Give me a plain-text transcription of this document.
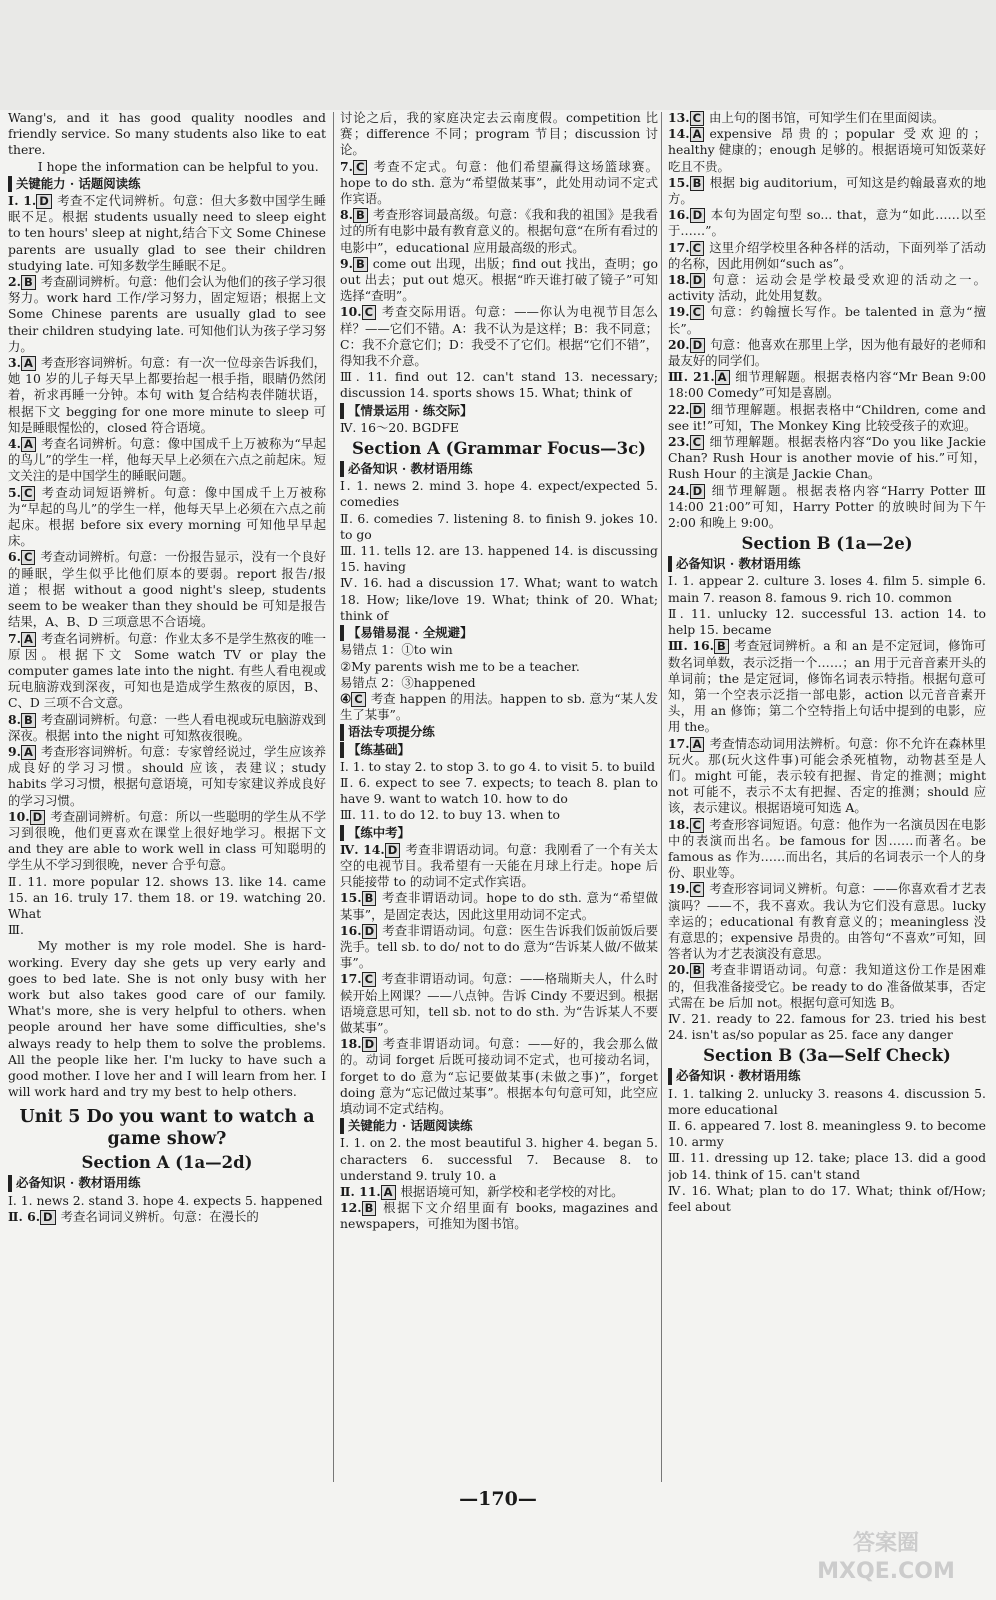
Wang's, and it has good quality noodles and friendly service. So many students also like to eat there.

I hope the information can be helpful to you.

关键能力 · 话题阅读练

Ⅰ. 1. D 考查不定代词辨析。句意：但大多数中国学生睡眠不足。根据 students usually need to sleep eight to ten hours' sleep at night,结合下文 Some Chinese parents are usually glad to see their children studying late. 可知多数学生睡眠不足。

2. B 考查副词辨析。句意：他们会认为他们的孩子学习很努力。work hard 工作/学习努力，固定短语；根据上文 Some Chinese parents are usually glad to see their children studying late. 可知他们认为孩子学习努力。

3. A 考查形容词辨析。句意：有一次一位母亲告诉我们，她 10 岁的儿子每天早上都要抬起一根手指，眼睛仍然闭着，祈求再睡一分钟。本句 with 复合结构表伴随状语，根据下文 begging for one more minute to sleep 可知是睡眼惺忪的，closed 符合语境。

4. A 考查名词辨析。句意：像中国成千上万被称为“早起的鸟儿”的学生一样，他每天早上必须在六点之前起床。短文关注的是中国学生的睡眠问题。

5. C 考查动词短语辨析。句意：像中国成千上万被称为“早起的鸟儿”的学生一样，他每天早上必须在六点之前起床。根据 before six every morning 可知他早早起床。

6. C 考查动词辨析。句意：一份报告显示，没有一个良好的睡眠，学生似乎比他们原本的要弱。report 报告/报道；根据 without a good night's sleep, students seem to be weaker than they should be 可知是报告结果，A、B、D 三项意思不合语境。

7. A 考查名词辨析。句意：作业太多不是学生熬夜的唯一原因。根据下文 Some watch TV or play the computer games late into the night. 有些人看电视或玩电脑游戏到深夜，可知也是造成学生熬夜的原因，B、C、D 三项不合文意。

8. B 考查副词辨析。句意：一些人看电视或玩电脑游戏到深夜。根据 into the night 可知熬夜很晚。

9. A 考查形容词辨析。句意：专家曾经说过，学生应该养成良好的学习习惯。should 应该，表建议；study habits 学习习惯，根据句意语境，可知专家建议养成良好的学习习惯。

10. D 考查副词辨析。句意：所以一些聪明的学生从不学习到很晚，他们更喜欢在课堂上很好地学习。根据下文 and they are able to work well in class 可知聪明的学生从不学习到很晚，never 合乎句意。

Ⅱ. 11. more popular 12. shows 13. like 14. came 15. an 16. truly 17. them 18. or 19. watching 20. What

Ⅲ.

My mother is my role model. She is hard-working. Every day she gets up very early and goes to bed late. She is not only busy with her work but also takes good care of our family. What's more, she is very helpful to others. when people around her have some difficulties, she's always ready to help them to solve the problems. All the people like her. I'm lucky to have such a good mother. I love her and I will learn from her. I will work hard and try my best to help others.

Unit 5 Do you want to watch a game show?

Section A (1a—2d)

必备知识 · 教材语用练

Ⅰ. 1. news 2. stand 3. hope 4. expects 5. happened

Ⅱ. 6. D 考查名词词义辨析。句意：在漫长的

讨论之后，我的家庭决定去云南度假。competition 比赛；difference 不同；program 节目；discussion 讨论。

7. C 考查不定式。句意：他们希望赢得这场篮球赛。hope to do sth. 意为“希望做某事”，此处用动词不定式作宾语。

8. B 考查形容词最高级。句意：《我和我的祖国》是我看过的所有电影中最有教育意义的。根据句意“在所有看过的电影中”，educational 应用最高级的形式。

9. B come out 出现，出版；find out 找出，查明；go out 出去；put out 熄灭。根据“昨天谁打破了镜子”可知选择“查明”。

10. C 考查交际用语。句意：——你认为电视节目怎么样？——它们不错。A：我不认为是这样；B：我不同意；C：我不介意它们；D：我受不了它们。根据“它们不错”，得知我不介意。

Ⅲ. 11. find out 12. can't stand 13. necessary; discussion 14. sports shows 15. What; think of

【情景运用 · 练交际】

Ⅳ. 16～20. BGDFE

Section A (Grammar Focus—3c)

必备知识 · 教材语用练

Ⅰ. 1. news 2. mind 3. hope 4. expect/expected 5. comedies

Ⅱ. 6. comedies 7. listening 8. to finish 9. jokes 10. to go

Ⅲ. 11. tells 12. are 13. happened 14. is discussing 15. having

Ⅳ. 16. had a discussion 17. What; want to watch 18. How; like/love 19. What; think of 20. What; think of

【易错易混 · 全规避】

易错点 1：①to win

②My parents wish me to be a teacher.

易错点 2：③happened

④ C 考查 happen 的用法。happen to sb. 意为“某人发生了某事”。

语法专项提分练

【练基础】

Ⅰ. 1. to stay 2. to stop 3. to go 4. to visit 5. to build

Ⅱ. 6. expect to see 7. expects; to teach 8. plan to have 9. want to watch 10. how to do

Ⅲ. 11. to do 12. to buy 13. when to

【练中考】

Ⅳ. 14. D 考查非谓语动词。句意：我刚看了一个有关太空的电视节目。我希望有一天能在月球上行走。hope 后只能接带 to 的动词不定式作宾语。

15. B 考查非谓语动词。hope to do sth. 意为“希望做某事”，是固定表达，因此这里用动词不定式。

16. D 考查非谓语动词。句意：医生告诉我们饭前饭后要洗手。tell sb. to do/ not to do 意为“告诉某人做/不做某事”。

17. C 考查非谓语动词。句意：——格瑞斯夫人，什么时候开始上网课？——八点钟。告诉 Cindy 不要迟到。根据语境意思可知，tell sb. not to do sth. 为“告诉某人不要做某事”。

18. D 考查非谓语动词。句意：——好的，我会那么做的。动词 forget 后既可接动词不定式，也可接动名词，forget to do 意为“忘记要做某事(未做之事)”，forget doing 意为“忘记做过某事”。根据本句句意可知，此空应填动词不定式结构。

关键能力 · 话题阅读练

Ⅰ. 1. on 2. the most beautiful 3. higher 4. began 5. characters 6. successful 7. Because 8. to understand 9. truly 10. a

Ⅱ. 11. A 根据语境可知，新学校和老学校的对比。

12. B 根据下文介绍里面有 books, magazines and newspapers，可推知为图书馆。

13. C 由上句的图书馆，可知学生们在里面阅读。

14. A expensive 昂贵的；popular 受欢迎的；healthy 健康的；enough 足够的。根据语境可知饭菜好吃且不贵。

15. B 根据 big auditorium，可知这是约翰最喜欢的地方。

16. D 本句为固定句型 so... that，意为“如此……以至于……”。

17. C 这里介绍学校里各种各样的活动，下面列举了活动的名称，因此用例如“such as”。

18. D 句意：运动会是学校最受欢迎的活动之一。activity 活动，此处用复数。

19. C 句意：约翰擅长写作。be talented in 意为“擅长”。

20. D 句意：他喜欢在那里上学，因为他有最好的老师和最友好的同学们。

Ⅲ. 21. A 细节理解题。根据表格内容“Mr Bean 9:00 18:00 Comedy”可知是喜剧。

22. D 细节理解题。根据表格中“Children, come and see it!”可知，The Monkey King 比较受孩子的欢迎。

23. C 细节理解题。根据表格内容“Do you like Jackie Chan? Rush Hour is another movie of his.”可知，Rush Hour 的主演是 Jackie Chan。

24. D 细节理解题。根据表格内容“Harry Potter Ⅲ 14:00 21:00”可知，Harry Potter 的放映时间为下午 2:00 和晚上 9:00。

Section B (1a—2e)

必备知识 · 教材语用练

Ⅰ. 1. appear 2. culture 3. loses 4. film 5. simple 6. main 7. reason 8. famous 9. rich 10. common

Ⅱ. 11. unlucky 12. successful 13. action 14. to help 15. became

Ⅲ. 16. B 考查冠词辨析。a 和 an 是不定冠词，修饰可数名词单数，表示泛指一个……；an 用于元音音素开头的单词前；the 是定冠词，修饰名词表示特指。根据句意可知，第一个空表示泛指一部电影，action 以元音音素开头，用 an 修饰；第二个空特指上句话中提到的电影，应用 the。

17. A 考查情态动词用法辨析。句意：你不允许在森林里玩火。那(玩火这件事)可能会杀死植物，动物甚至是人们。might 可能，表示较有把握、肯定的推测；might not 可能不，表示不太有把握、否定的推测；should 应该，表示建议。根据语境可知选 A。

18. C 考查形容词短语。句意：他作为一名演员因在电影中的表演而出名。be famous for 因……而著名。be famous as 作为……而出名，其后的名词表示一个人的身份、职业等。

19. C 考查形容词词义辨析。句意：——你喜欢看才艺表演吗？——不，我不喜欢。我认为它们没有意思。lucky 幸运的；educational 有教育意义的；meaningless 没有意思的；expensive 昂贵的。由答句“不喜欢”可知，回答者认为才艺表演没有意思。

20. B 考查非谓语动词。句意：我知道这份工作是困难的，但我准备接受它。be ready to do 准备做某事，否定式需在 be 后加 not。根据句意可知选 B。

Ⅳ. 21. ready to 22. famous for 23. tried his best 24. isn't as/so popular as 25. face any danger

Section B (3a—Self Check)

必备知识 · 教材语用练

Ⅰ. 1. talking 2. unlucky 3. reasons 4. discussion 5. more educational

Ⅱ. 6. appeared 7. lost 8. meaningless 9. to become 10. army

Ⅲ. 11. dressing up 12. take; place 13. did a good job 14. think of 15. can't stand

Ⅳ. 16. What; plan to do 17. What; think of/How; feel about

—170—
答案圈 MXQE.COM
